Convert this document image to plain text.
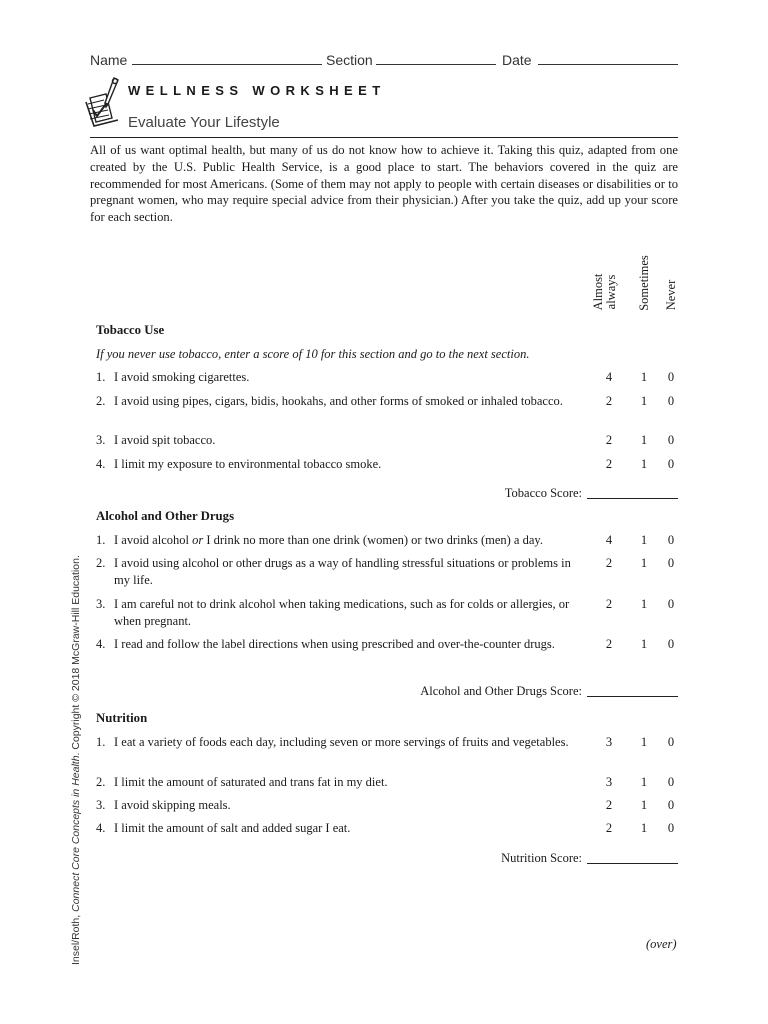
Name	Section	Date
WELLNESS WORKSHEET
Evaluate Your Lifestyle
All of us want optimal health, but many of us do not know how to achieve it. Taking this quiz, adapted from one created by the U.S. Public Health Service, is a good place to start. The behaviors covered in the quiz are recommended for most Americans. (Some of them may not apply to people with certain diseases or disabilities or to pregnant women, who may require special advice from their physician.) After you take the quiz, add up your score for each section.
Almost always Sometimes Never
Tobacco Use
If you never use tobacco, enter a score of 10 for this section and go to the next section.
1. I avoid smoking cigarettes.	4	1	0
2. I avoid using pipes, cigars, bidis, hookahs, and other forms of smoked or inhaled tobacco.	2	1	0
3. I avoid spit tobacco.	2	1	0
4. I limit my exposure to environmental tobacco smoke.	2	1	0
Tobacco Score:
Alcohol and Other Drugs
1. I avoid alcohol or I drink no more than one drink (women) or two drinks (men) a day.	4	1	0
2. I avoid using alcohol or other drugs as a way of handling stressful situations or problems in my life.
2	1	0
3. I am careful not to drink alcohol when taking medications, such as for colds or allergies, or when pregnant.
2	1	0
4. I read and follow the label directions when using prescribed and over-the-counter drugs.	2	1	0
Alcohol and Other Drugs Score:
Nutrition
1. I eat a variety of foods each day, including seven or more servings of fruits and vegetables.	3	1	0
2. I limit the amount of saturated and trans fat in my diet.	3	1	0
3. I avoid skipping meals.	2	1	0
4. I limit the amount of salt and added sugar I eat.	2	1	0
Nutrition Score:
Insel/Roth, Connect Core Concepts in Health. Copyright © 2018 McGraw-Hill Education.
(over)
